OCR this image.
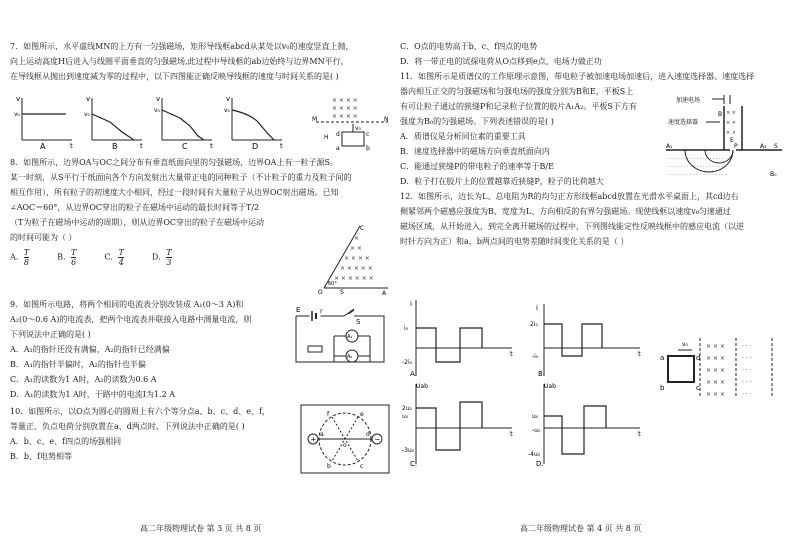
7．如图所示，水平虚线MN的上方有一匀强磁场，矩形导线框abcd从某处以v₀的速度竖直上抛，

向上运动高度H后进入与线圈平面垂直的匀强磁场,此过程中导线框的ab边始终与边界MN平行，

在导线框从抛出到速度减为零的过程中，以下四图能正确反映导线框的速度与时间关系的是( )

v
v₀
t
A
v
v₀
t
B
v
v₀
t
C
v
v₀
t
D
× × × ×
× × × ×
× × × ×
M	N
d	c
a	b
v₀
H

8．如图所示，边界OA与OC之间分布有垂直纸面向里的匀强磁场，边界OA上有一粒子源S。

某一时刻，从S平行于纸面向各个方向发射出大量带正电的同种粒子（不计粒子的重力及粒子间的

相互作用），所有粒子的初速度大小相同，经过一段时间有大量粒子从边界OC射出磁场。已知

∠AOC＝60°，从边界OC穿出的粒子在磁场中运动的最长时间等于T/2

（T为粒子在磁场中运动的周期），则从边界OC穿出的粒子在磁场中运动

的时间可能为（ ）

A． $\frac{T}{8}$	B． $\frac{T}{6}$	C． $\frac{T}{4}$	D． $\frac{T}{3}$
×
× ×
× × × ×
× × × × ×
× × × × × ×
C
O	S	A
60°

9．如图所示电路，将两个相同的电流表分别改装成 A₁(0～3 A)和

A₂(0～0.6 A)的电流表，把两个电流表并联接入电路中测量电流，则

下列说法中正确的是( )

A．A₁的指针还没有满偏，A₂的指针已经满偏

B．A₁的指针半偏时，A₂的指针也半偏

C．A₁的读数为1 A时，A₂的读数为0.6 A

D．A₁的读数为1 A时，干路中的电流I为1.2 A

10．如图所示，以O点为圆心的圆周上有六个等分点a、b、c、d、e、f，

等量正、负点电荷分别放置在a、d两点时，下列说法中正确的是( )

A．b、c、e、f四点的场强相同

B．b、f电势相等

E	r
S
A₁
A₂
+	−
a	d
f	e
b	c
o
高二年级物理试卷 第 3 页 共 8 页

C．O点的电势高于b、c、f四点的电势

D．将一带正电的试探电荷从O点移到e点，电场力做正功

11．如图所示是质谱仪的工作原理示意图，带电粒子被加速电场加速后，进入速度选择器。速度选择

器内相互正交的匀强磁场和匀强电场的强度分别为B和E，平板S上

有可让粒子通过的狭缝P和记录粒子位置的胶片A₁A₂。平板S下方有

强度为B₀的匀强磁场。下列表述错误的是( )

A．质谱仪是分析同位素的重要工具

B．速度选择器中的磁场方向垂直纸面向内

C．能通过狭缝P的带电粒子的速率等于B/E

D．粒子打在胶片上的位置越靠近狭缝P，粒子的比荷越大

12．如图所示，边长为L、总电阻为R的均匀正方形线框abcd放置在光滑水平桌面上，其cd边右

侧紧邻两个磁感应强度为B、宽度为L、方向相反的有界匀强磁场。现使线框以速度v₀匀速通过

磁场区域，从开始进入，到完全离开磁场的过程中，下列图线能定性反映线框中的感应电流（以逆

时针方向为正）和a、b两点间的电势差随时间变化关系的是（ ）

加速电场
速度选择器
× ×
× ×
× ×
B
E
A₁	P	A₂ S
· · · · · · · · · · · · · · · · · · ·
· · · · · · · · · · · · · · · · · · ·
· · · · · · · · · · · · · · · · · · ·	B₀
i
i₀
-2i₀
t
A.
i
2i₀
-i₀	t
Uab
2u₀
u₀
-3u₀
t
C.
Uab
u₀
-u₀
-4u₀
t
D.
B.
a
b
d
c
v₀	× × ×
× × ×
× × ×
× × ×
× × ×
· · ·
· · ·
· · ·
· · ·
· · ·
高二年级物理试卷 第 4 页 共 8 页
